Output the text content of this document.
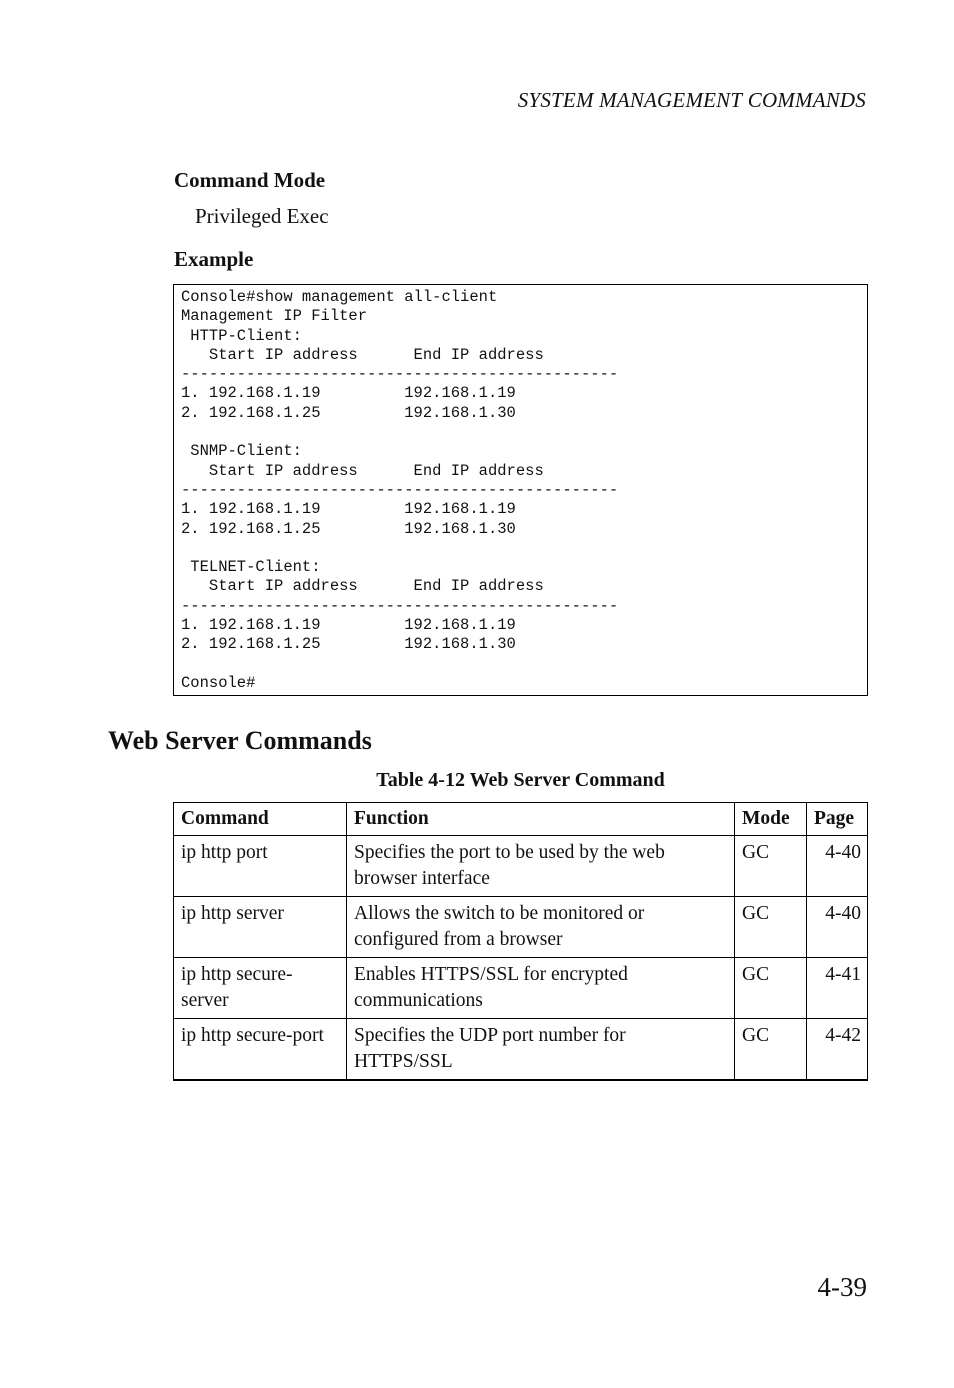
SYSTEM MANAGEMENT COMMANDS
Command Mode
Privileged Exec
Example
Console#show management all-client
Management IP Filter
HTTP-Client:
Start IP address      End IP address
-----------------------------------------------
1. 192.168.1.19         192.168.1.19
2. 192.168.1.25         192.168.1.30

SNMP-Client:
Start IP address      End IP address
-----------------------------------------------
1. 192.168.1.19         192.168.1.19
2. 192.168.1.25         192.168.1.30

TELNET-Client:
Start IP address      End IP address
-----------------------------------------------
1. 192.168.1.19         192.168.1.19
2. 192.168.1.25         192.168.1.30

Console#
Web Server Commands
Table 4-12 Web Server Command
Command	Function	Mode	Page
ip http port	Specifies the port to be used by the web browser interface	GC	4-40
ip http server	Allows the switch to be monitored or configured from a browser	GC	4-40
ip http secure-server	Enables HTTPS/SSL for encrypted communications	GC	4-41
ip http secure-port	Specifies the UDP port number for HTTPS/SSL	GC	4-42
4-39
